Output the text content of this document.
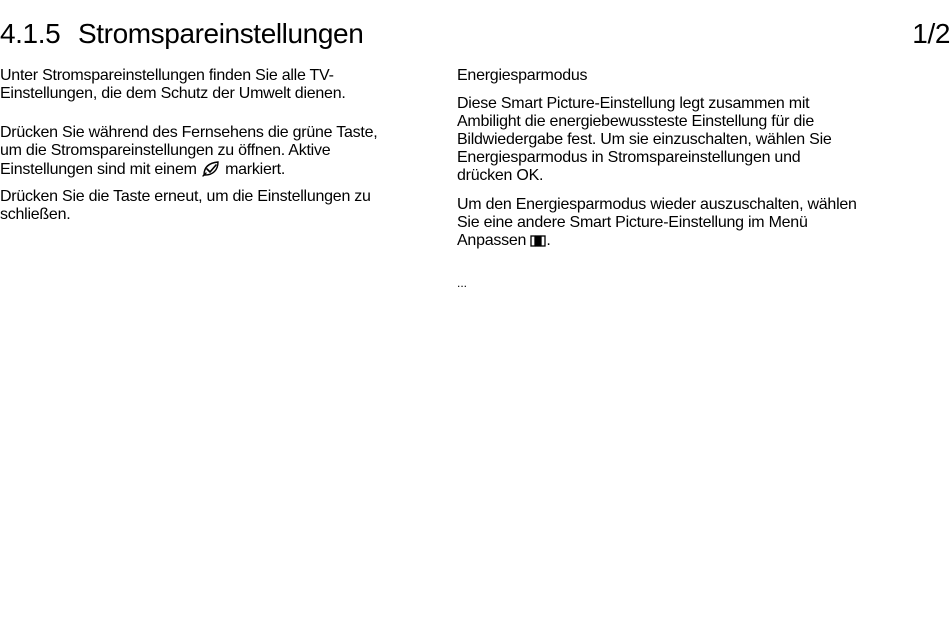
4.1.5 Stromspareinstellungen	1/2
Unter Stromspareinstellungen finden Sie alle TV-
Einstellungen, die dem Schutz der Umwelt dienen.
Drücken Sie während des Fernsehens die grüne Taste,
um die Stromspareinstellungen zu öffnen. Aktive
Einstellungen sind mit einem markiert.
Drücken Sie die Taste erneut, um die Einstellungen zu
schließen.
Energiesparmodus
Diese Smart Picture-Einstellung legt zusammen mit
Ambilight die energiebewussteste Einstellung für die
Bildwiedergabe fest. Um sie einzuschalten, wählen Sie
Energiesparmodus in Stromspareinstellungen und
drücken OK.
Um den Energiesparmodus wieder auszuschalten, wählen
Sie eine andere Smart Picture-Einstellung im Menü
Anpassen .
...
